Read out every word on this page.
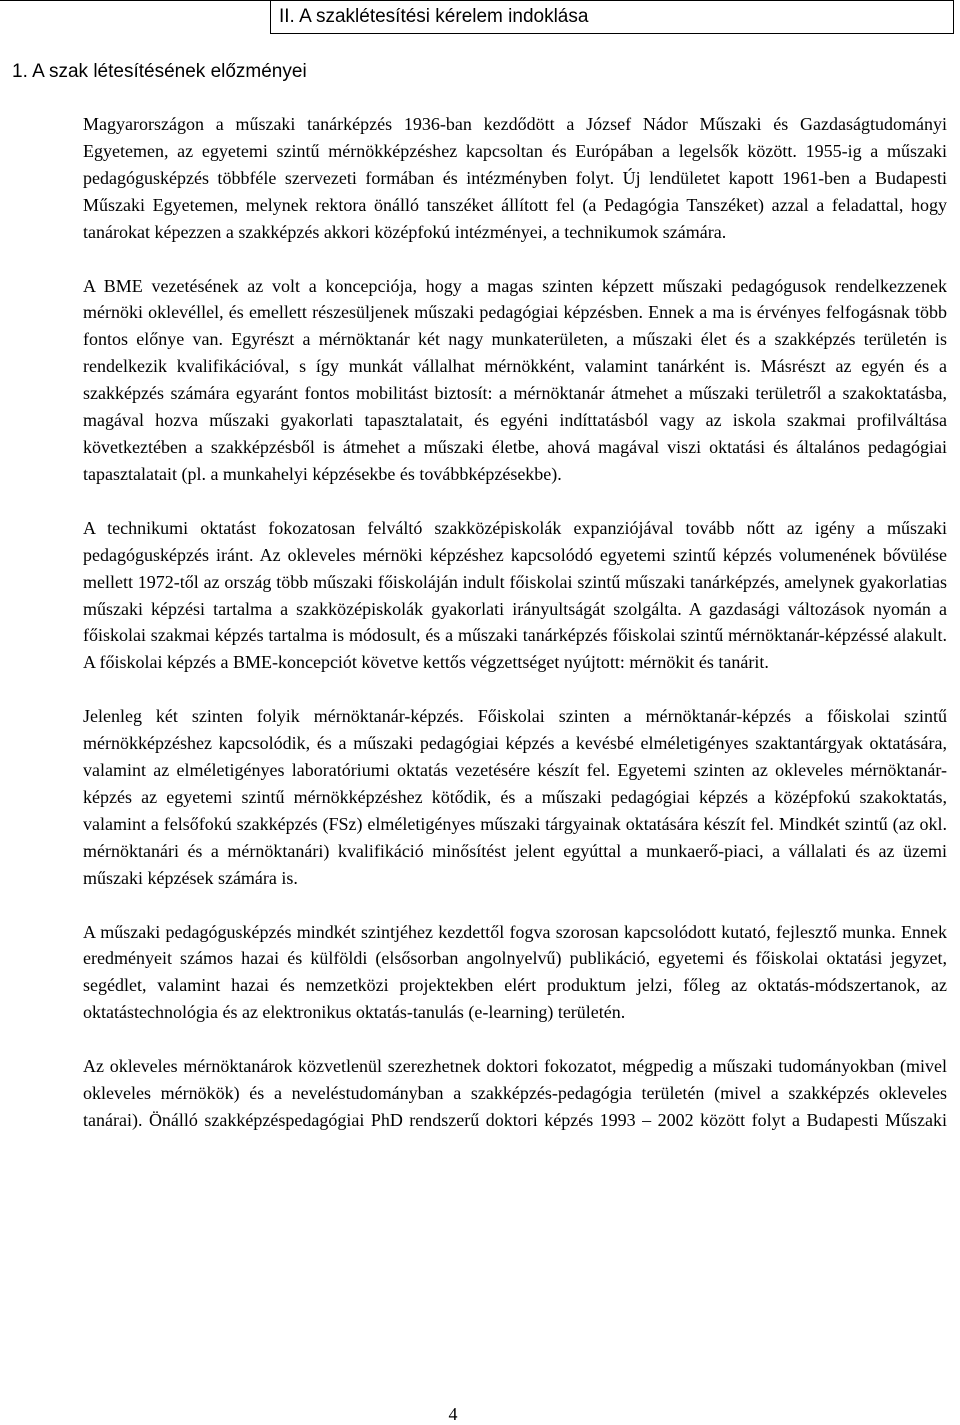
II. A szaklétesítési kérelem indoklása
1. A szak létesítésének előzményei

Magyarországon a műszaki tanárképzés 1936-ban kezdődött a József Nádor Műszaki és Gazdaságtudományi Egyetemen, az egyetemi szintű mérnökképzéshez kapcsoltan és Európában a legelsők között. 1955-ig a műszaki pedagógusképzés többféle szervezeti formában és intézményben folyt. Új lendületet kapott 1961-ben a Budapesti Műszaki Egyetemen, melynek rektora önálló tanszéket állított fel (a Pedagógia Tanszéket) azzal a feladattal, hogy tanárokat képezzen a szakképzés akkori középfokú intézményei, a technikumok számára.

A BME vezetésének az volt a koncepciója, hogy a magas szinten képzett műszaki pedagógusok rendelkezzenek mérnöki oklevéllel, és emellett részesüljenek műszaki pedagógiai képzésben. Ennek a ma is érvényes felfogásnak több fontos előnye van. Egyrészt a mérnöktanár két nagy munkaterületen, a műszaki élet és a szakképzés területén is rendelkezik kvalifikációval, s így munkát vállalhat mérnökként, valamint tanárként is. Másrészt az egyén és a szakképzés számára egyaránt fontos mobilitást biztosít: a mérnöktanár átmehet a műszaki területről a szakoktatásba, magával hozva műszaki gyakorlati tapasztalatait, és egyéni indíttatásból vagy az iskola szakmai profilváltása következtében a szakképzésből is átmehet a műszaki életbe, ahová magával viszi oktatási és általános pedagógiai tapasztalatait (pl. a munkahelyi képzésekbe és továbbképzésekbe).

A technikumi oktatást fokozatosan felváltó szakközépiskolák expanziójával tovább nőtt az igény a műszaki pedagógusképzés iránt. Az okleveles mérnöki képzéshez kapcsolódó egyetemi szintű képzés volumenének bővülése mellett 1972-től az ország több műszaki főiskoláján indult főiskolai szintű műszaki tanárképzés, amelynek gyakorlatias műszaki képzési tartalma a szakközépiskolák gyakorlati irányultságát szolgálta. A gazdasági változások nyomán a főiskolai szakmai képzés tartalma is módosult, és a műszaki tanárképzés főiskolai szintű mérnöktanár-képzéssé alakult. A főiskolai képzés a BME-koncepciót követve kettős végzettséget nyújtott: mérnökit és tanárit.

Jelenleg két szinten folyik mérnöktanár-képzés. Főiskolai szinten a mérnöktanár-képzés a főiskolai szintű mérnökképzéshez kapcsolódik, és a műszaki pedagógiai képzés a kevésbé elméletigényes szaktantárgyak oktatására, valamint az elméletigényes laboratóriumi oktatás vezetésére készít fel. Egyetemi szinten az okleveles mérnöktanár-képzés az egyetemi szintű mérnökképzéshez kötődik, és a műszaki pedagógiai képzés a középfokú szakoktatás, valamint a felsőfokú szakképzés (FSz) elméletigényes műszaki tárgyainak oktatására készít fel. Mindkét szintű (az okl. mérnöktanári és a mérnöktanári) kvalifikáció minősítést jelent egyúttal a munkaerő-piaci, a vállalati és az üzemi műszaki képzések számára is.

A műszaki pedagógusképzés mindkét szintjéhez kezdettől fogva szorosan kapcsolódott kutató, fejlesztő munka. Ennek eredményeit számos hazai és külföldi (elsősorban angolnyelvű) publikáció, egyetemi és főiskolai oktatási jegyzet, segédlet, valamint hazai és nemzetközi projektekben elért produktum jelzi, főleg az oktatás-módszertanok, az oktatástechnológia és az elektronikus oktatás-tanulás (e-learning) területén.

Az okleveles mérnöktanárok közvetlenül szerezhetnek doktori fokozatot, mégpedig a műszaki tudományokban (mivel okleveles mérnökök) és a neveléstudományban a szakképzés-pedagógia területén (mivel a szakképzés okleveles tanárai). Önálló szakképzéspedagógiai PhD rendszerű doktori képzés 1993 – 2002 között folyt a Budapesti Műszaki

4
